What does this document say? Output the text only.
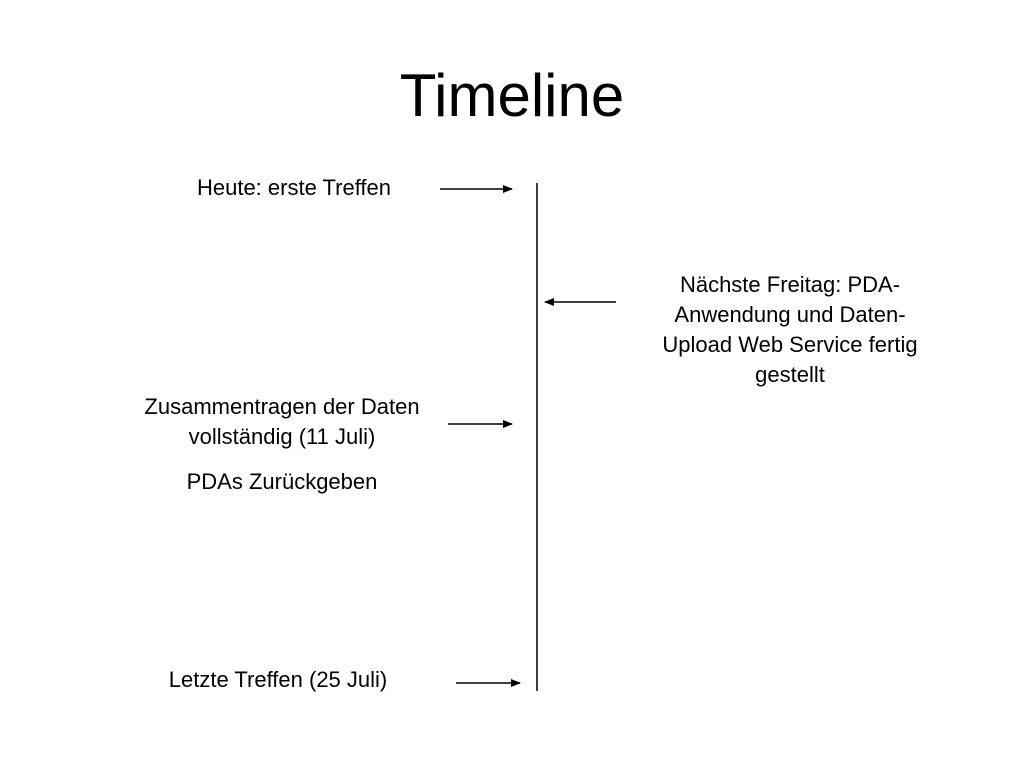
Timeline

Heute: erste Treffen

Nächste Freitag: PDA-Anwendung und Daten-Upload Web Service fertig gestellt

Zusammentragen der Daten vollständig (11 Juli)

PDAs Zurückgeben

Letzte Treffen (25 Juli)
